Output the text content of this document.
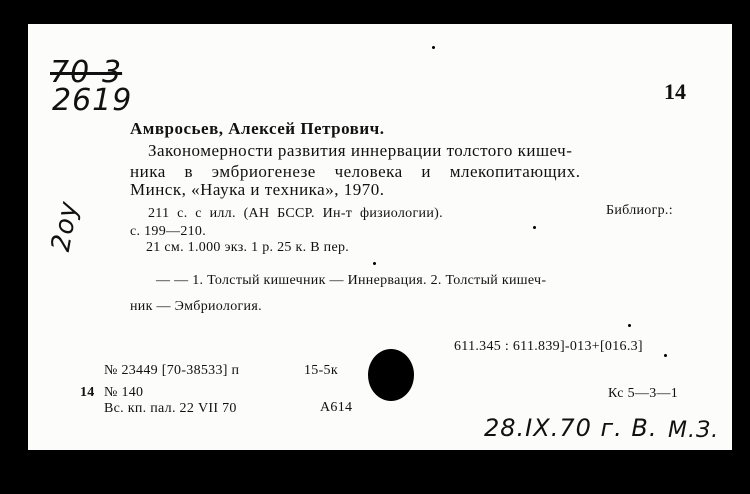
70-3
2619	14
Амвросьев, Алексей Петрович.
Закономерности развития иннервации толстого кишеч-
ника в эмбриогенезе человека и млекопитающих.
Минск, «Наука и техника», 1970.
2оу	211 с. с илл. (АН БССР. Ин-т физиологии).	Библиогр.:
с. 199—210.
21 см. 1.000 экз. 1 р. 25 к. В пер.
— — 1. Толстый кишечник — Иннервация. 2. Толстый кишеч-
ник — Эмбриология.
611.345 : 611.839]-013+[016.3]
№ 23449 [70-38533] п	15-5к
14 № 140
Вс. кп. пал. 22 VII 70	А614
Кс 5—3—1
28.IX.70 г. В. М.З.
